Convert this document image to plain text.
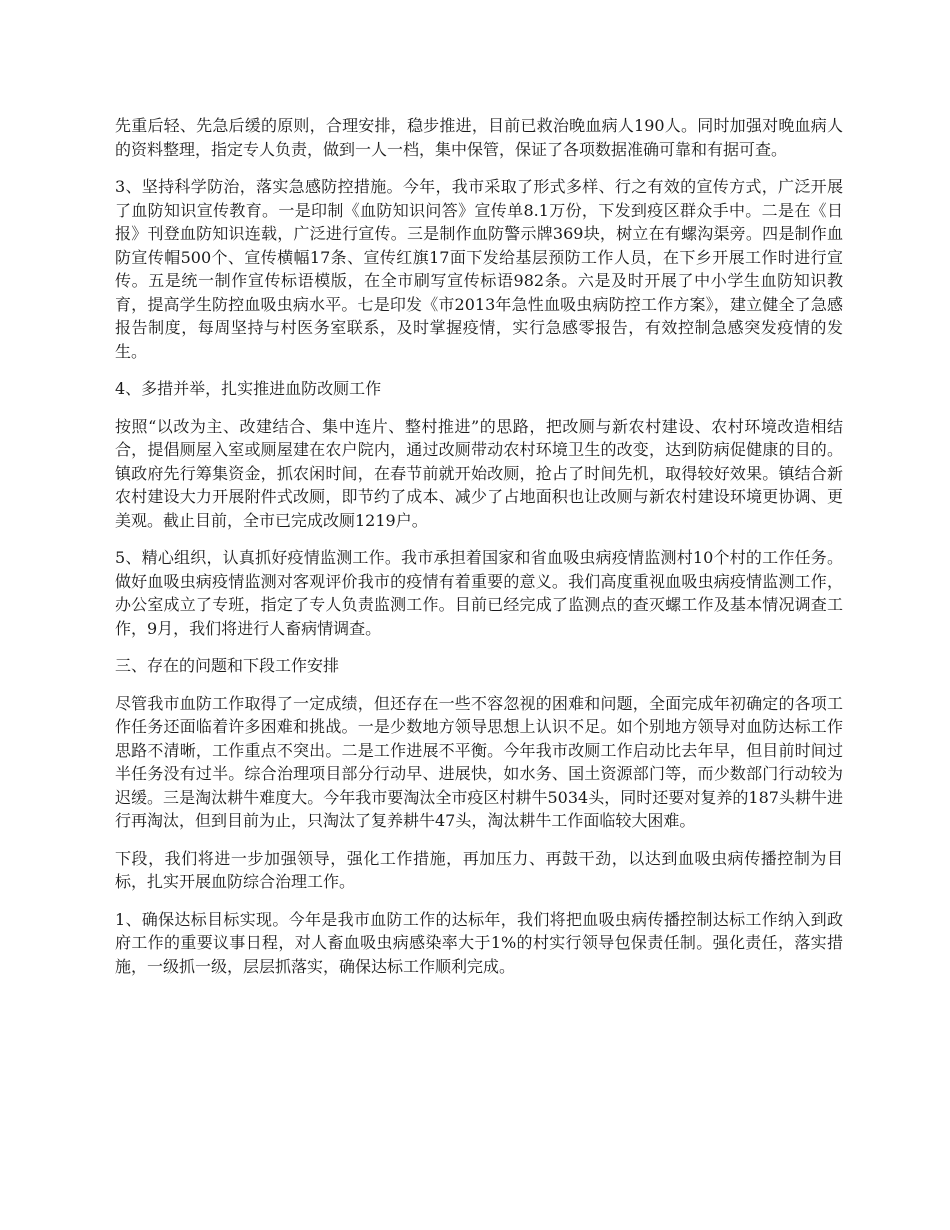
先重后轻、先急后缓的原则，合理安排，稳步推进，目前已救治晚血病人190人。同时加强对晚血病人的资料整理，指定专人负责，做到一人一档，集中保管，保证了各项数据准确可靠和有据可查。

3、坚持科学防治，落实急感防控措施。今年，我市采取了形式多样、行之有效的宣传方式，广泛开展了血防知识宣传教育。一是印制《血防知识问答》宣传单8.1万份，下发到疫区群众手中。二是在《日报》刊登血防知识连载，广泛进行宣传。三是制作血防警示牌369块，树立在有螺沟渠旁。四是制作血防宣传帽500个、宣传横幅17条、宣传红旗17面下发给基层预防工作人员，在下乡开展工作时进行宣传。五是统一制作宣传标语模版，在全市刷写宣传标语982条。六是及时开展了中小学生血防知识教育，提高学生防控血吸虫病水平。七是印发《市2013年急性血吸虫病防控工作方案》，建立健全了急感报告制度，每周坚持与村医务室联系，及时掌握疫情，实行急感零报告，有效控制急感突发疫情的发生。

4、多措并举，扎实推进血防改厕工作

按照“以改为主、改建结合、集中连片、整村推进”的思路，把改厕与新农村建设、农村环境改造相结合，提倡厕屋入室或厕屋建在农户院内，通过改厕带动农村环境卫生的改变，达到防病促健康的目的。镇政府先行筹集资金，抓农闲时间，在春节前就开始改厕，抢占了时间先机，取得较好效果。镇结合新农村建设大力开展附件式改厕，即节约了成本、减少了占地面积也让改厕与新农村建设环境更协调、更美观。截止目前，全市已完成改厕1219户。

5、精心组织，认真抓好疫情监测工作。我市承担着国家和省血吸虫病疫情监测村10个村的工作任务。做好血吸虫病疫情监测对客观评价我市的疫情有着重要的意义。我们高度重视血吸虫病疫情监测工作，办公室成立了专班，指定了专人负责监测工作。目前已经完成了监测点的查灭螺工作及基本情况调查工作，9月，我们将进行人畜病情调查。

三、存在的问题和下段工作安排

尽管我市血防工作取得了一定成绩，但还存在一些不容忽视的困难和问题，全面完成年初确定的各项工作任务还面临着许多困难和挑战。一是少数地方领导思想上认识不足。如个别地方领导对血防达标工作思路不清晰，工作重点不突出。二是工作进展不平衡。今年我市改厕工作启动比去年早，但目前时间过半任务没有过半。综合治理项目部分行动早、进展快，如水务、国土资源部门等，而少数部门行动较为迟缓。三是淘汰耕牛难度大。今年我市要淘汰全市疫区村耕牛5034头，同时还要对复养的187头耕牛进行再淘汰，但到目前为止，只淘汰了复养耕牛47头，淘汰耕牛工作面临较大困难。

下段，我们将进一步加强领导，强化工作措施，再加压力、再鼓干劲，以达到血吸虫病传播控制为目标，扎实开展血防综合治理工作。

1、确保达标目标实现。今年是我市血防工作的达标年，我们将把血吸虫病传播控制达标工作纳入到政府工作的重要议事日程，对人畜血吸虫病感染率大于1%的村实行领导包保责任制。强化责任，落实措施，一级抓一级，层层抓落实，确保达标工作顺利完成。
